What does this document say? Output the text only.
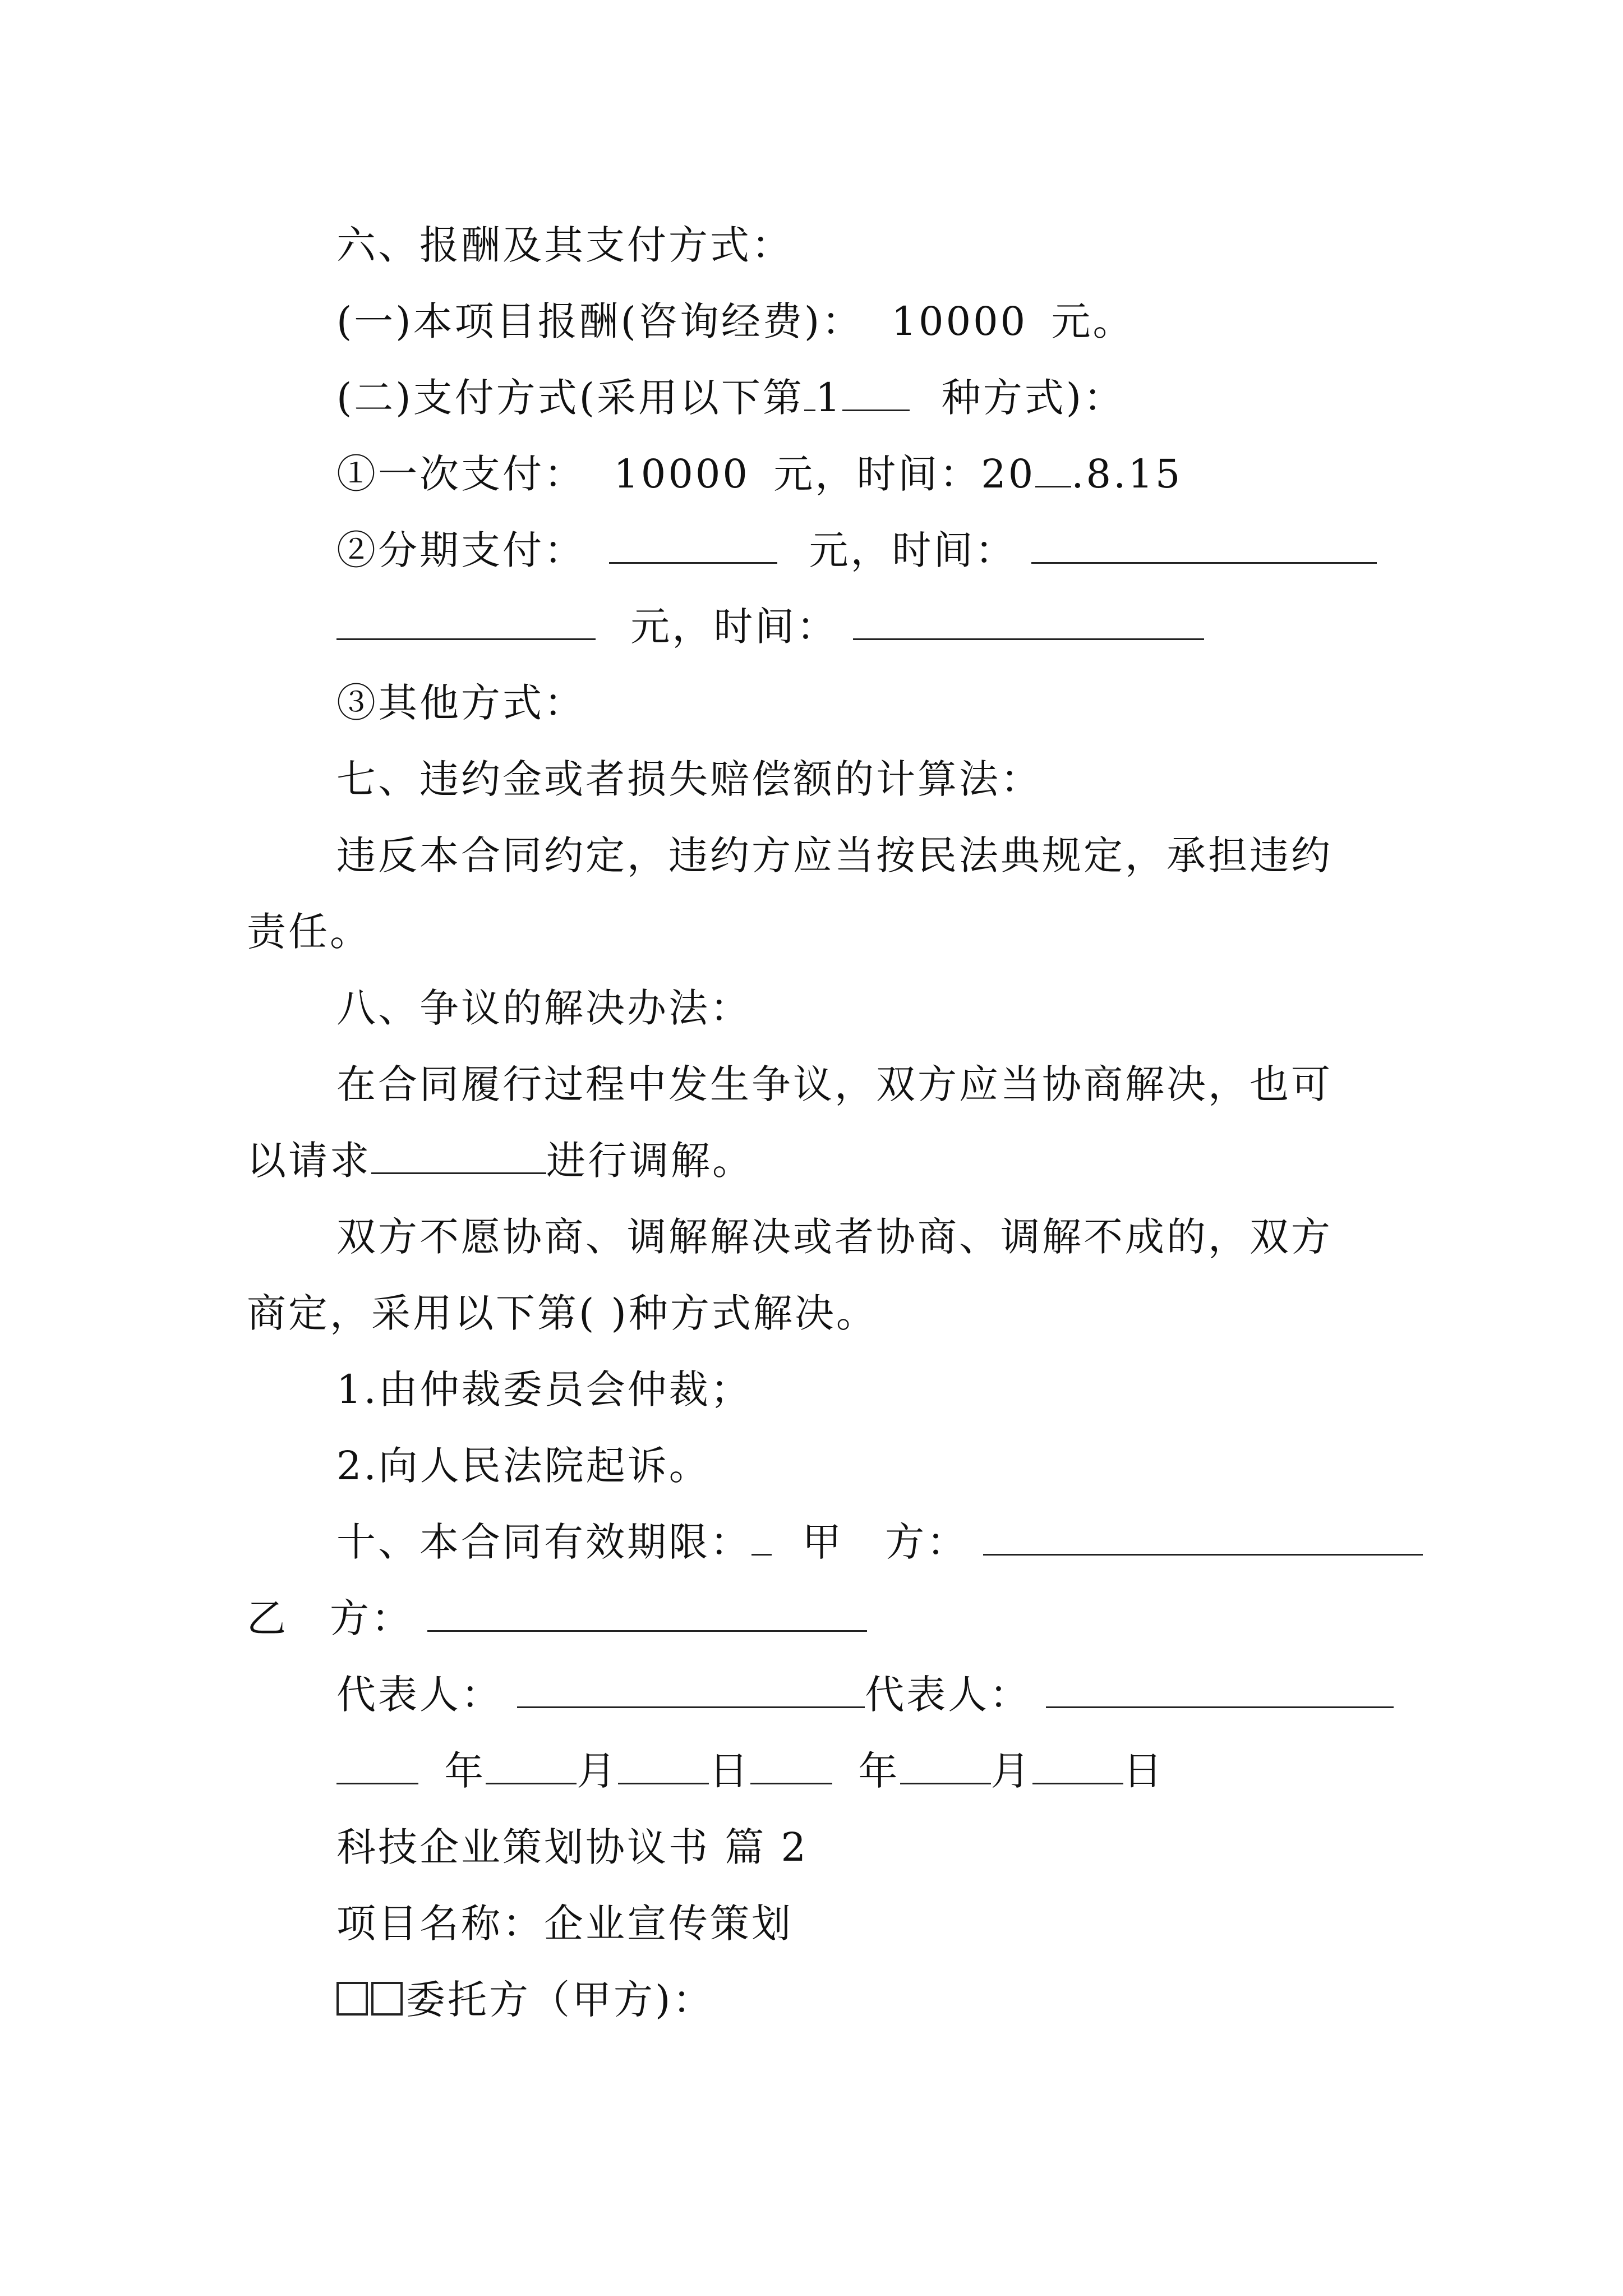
六、报酬及其支付方式：
(一)本项目报酬(咨询经费)： 10000 元。
(二)支付方式(采用以下第 1	种方式)：
①一次支付： 10000 元，时间：20 .8.15
②分期支付：	元，时间：
元，时间：
③其他方式：
七、违约金或者损失赔偿额的计算法：
违反本合同约定，违约方应当按民法典规定，承担违约
责任。
八、争议的解决办法：
在合同履行过程中发生争议，双方应当协商解决，也可
以请求	进行调解。
双方不愿协商、调解解决或者协商、调解不成的，双方
商定，采用以下第( )种方式解决。
1.由仲裁委员会仲裁；
2.向人民法院起诉。
十、本合同有效期限： 甲　方：
乙　方：
代表人：	代表人：
年 月 日	年 月 日
科技企业策划协议书 篇 2
项目名称：企业宣传策划
委托方（甲方)：
